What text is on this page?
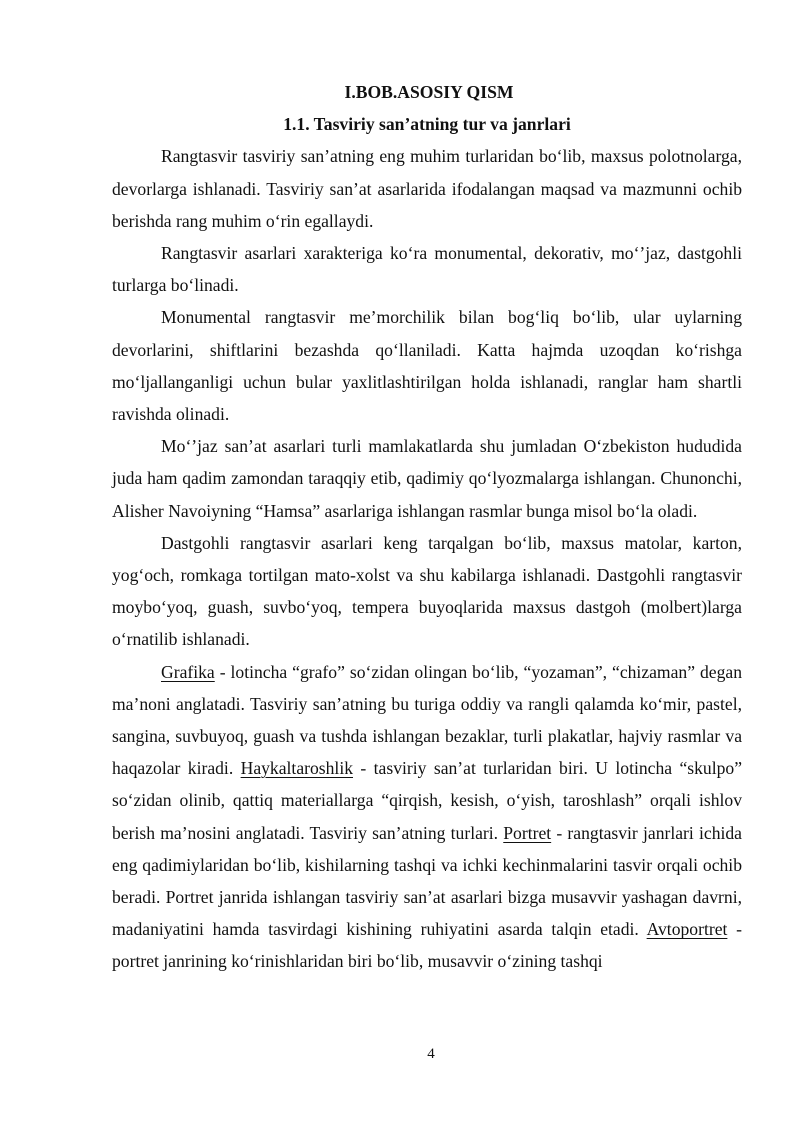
I.BOB.ASOSIY QISM
1.1. Tasviriy san’atning tur va janrlari

Rangtasvir tasviriy san’atning eng muhim turlaridan bo‘lib, maxsus polotnolarga, devorlarga ishlanadi. Tasviriy san’at asarlarida ifodalangan maqsad va mazmunni ochib berishda rang muhim o‘rin egallaydi.

Rangtasvir asarlari xarakteriga ko‘ra monumental, dekorativ, mo‘’jaz, dastgohli turlarga bo‘linadi.

Monumental rangtasvir me’morchilik bilan bog‘liq bo‘lib, ular uylarning devorlarini, shiftlarini bezashda qo‘llaniladi. Katta hajmda uzoqdan ko‘rishga mo‘ljallanganligi uchun bular yaxlitlashtirilgan holda ishlanadi, ranglar ham shartli ravishda olinadi.

Mo‘’jaz san’at asarlari turli mamlakatlarda shu jumladan O‘zbekiston hududida juda ham qadim zamondan taraqqiy etib, qadimiy qo‘lyozmalarga ishlangan. Chunonchi, Alisher Navoiyning “Hamsa” asarlariga ishlangan rasmlar bunga misol bo‘la oladi.

Dastgohli rangtasvir asarlari keng tarqalgan bo‘lib, maxsus matolar, karton, yog‘och, romkaga tortilgan mato-xolst va shu kabilarga ishlanadi. Dastgohli rangtasvir moybo‘yoq, guash, suvbo‘yoq, tempera buyoqlarida maxsus dastgoh (molbert)larga o‘rnatilib ishlanadi.

Grafika - lotincha “grafo” so‘zidan olingan bo‘lib, “yozaman”, “chizaman” degan ma’noni anglatadi. Tasviriy san’atning bu turiga oddiy va rangli qalamda ko‘mir, pastel, sangina, suvbuyoq, guash va tushda ishlangan bezaklar, turli plakatlar, hajviy rasmlar va haqazolar kiradi. Haykaltaroshlik - tasviriy san’at turlaridan biri. U lotincha “skulpo” so‘zidan olinib, qattiq materiallarga “qirqish, kesish, o‘yish, taroshlash” orqali ishlov berish ma’nosini anglatadi. Tasviriy san’atning turlari. Portret - rangtasvir janrlari ichida eng qadimiylaridan bo‘lib, kishilarning tashqi va ichki kechinmalarini tasvir orqali ochib beradi. Portret janrida ishlangan tasviriy san’at asarlari bizga musavvir yashagan davrni, madaniyatini hamda tasvirdagi kishining ruhiyatini asarda talqin etadi. Avtoportret - portret janrining ko‘rinishlaridan biri bo‘lib, musavvir o‘zining tashqi

4
